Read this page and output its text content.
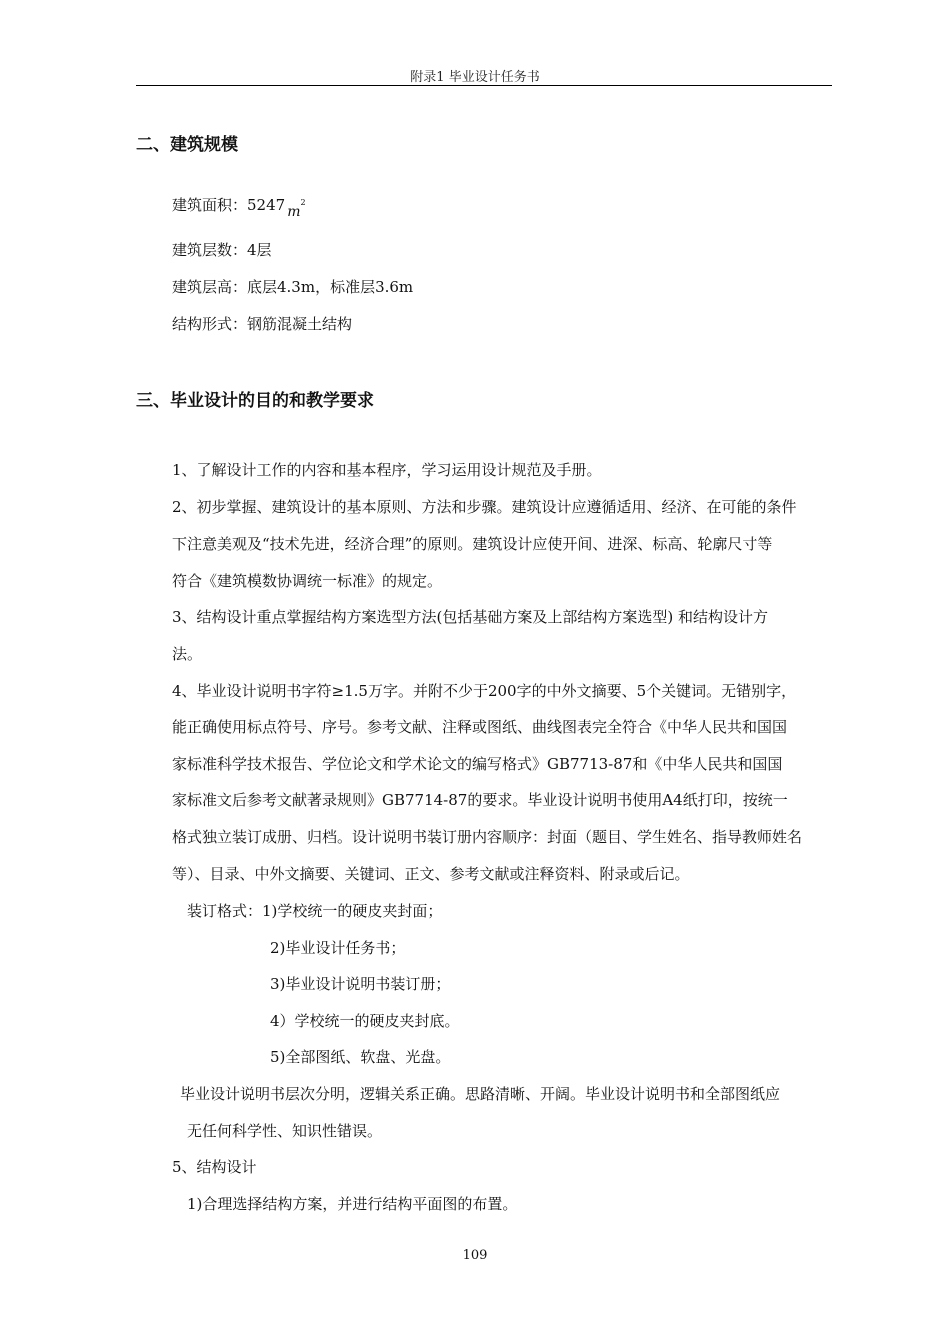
附录1 毕业设计任务书
二、建筑规模
建筑面积：5247 $m^2$
建筑层数：4层
建筑层高：底层4.3m，标准层3.6m
结构形式：钢筋混凝土结构
三、毕业设计的目的和教学要求
1、了解设计工作的内容和基本程序，学习运用设计规范及手册。
2、初步掌握、建筑设计的基本原则、方法和步骤。建筑设计应遵循适用、经济、在可能的条件
下注意美观及“技术先进，经济合理”的原则。建筑设计应使开间、进深、标高、轮廓尺寸等
符合《建筑模数协调统一标准》的规定。
3、结构设计重点掌握结构方案选型方法(包括基础方案及上部结构方案选型) 和结构设计方
法。
4、毕业设计说明书字符≥1.5万字。并附不少于200字的中外文摘要、5个关键词。无错别字，
能正确使用标点符号、序号。参考文献、注释或图纸、曲线图表完全符合《中华人民共和国国
家标准科学技术报告、学位论文和学术论文的编写格式》GB7713-87和《中华人民共和国国
家标准文后参考文献著录规则》GB7714-87的要求。毕业设计说明书使用A4纸打印，按统一
格式独立装订成册、归档。设计说明书装订册内容顺序：封面（题目、学生姓名、指导教师姓名
等）、目录、中外文摘要、关键词、正文、参考文献或注释资料、附录或后记。
装订格式：1)学校统一的硬皮夹封面；
2)毕业设计任务书；
3)毕业设计说明书装订册；
4）学校统一的硬皮夹封底。
5)全部图纸、软盘、光盘。
毕业设计说明书层次分明，逻辑关系正确。思路清晰、开阔。毕业设计说明书和全部图纸应
无任何科学性、知识性错误。
5、结构设计
1)合理选择结构方案，并进行结构平面图的布置。
109
